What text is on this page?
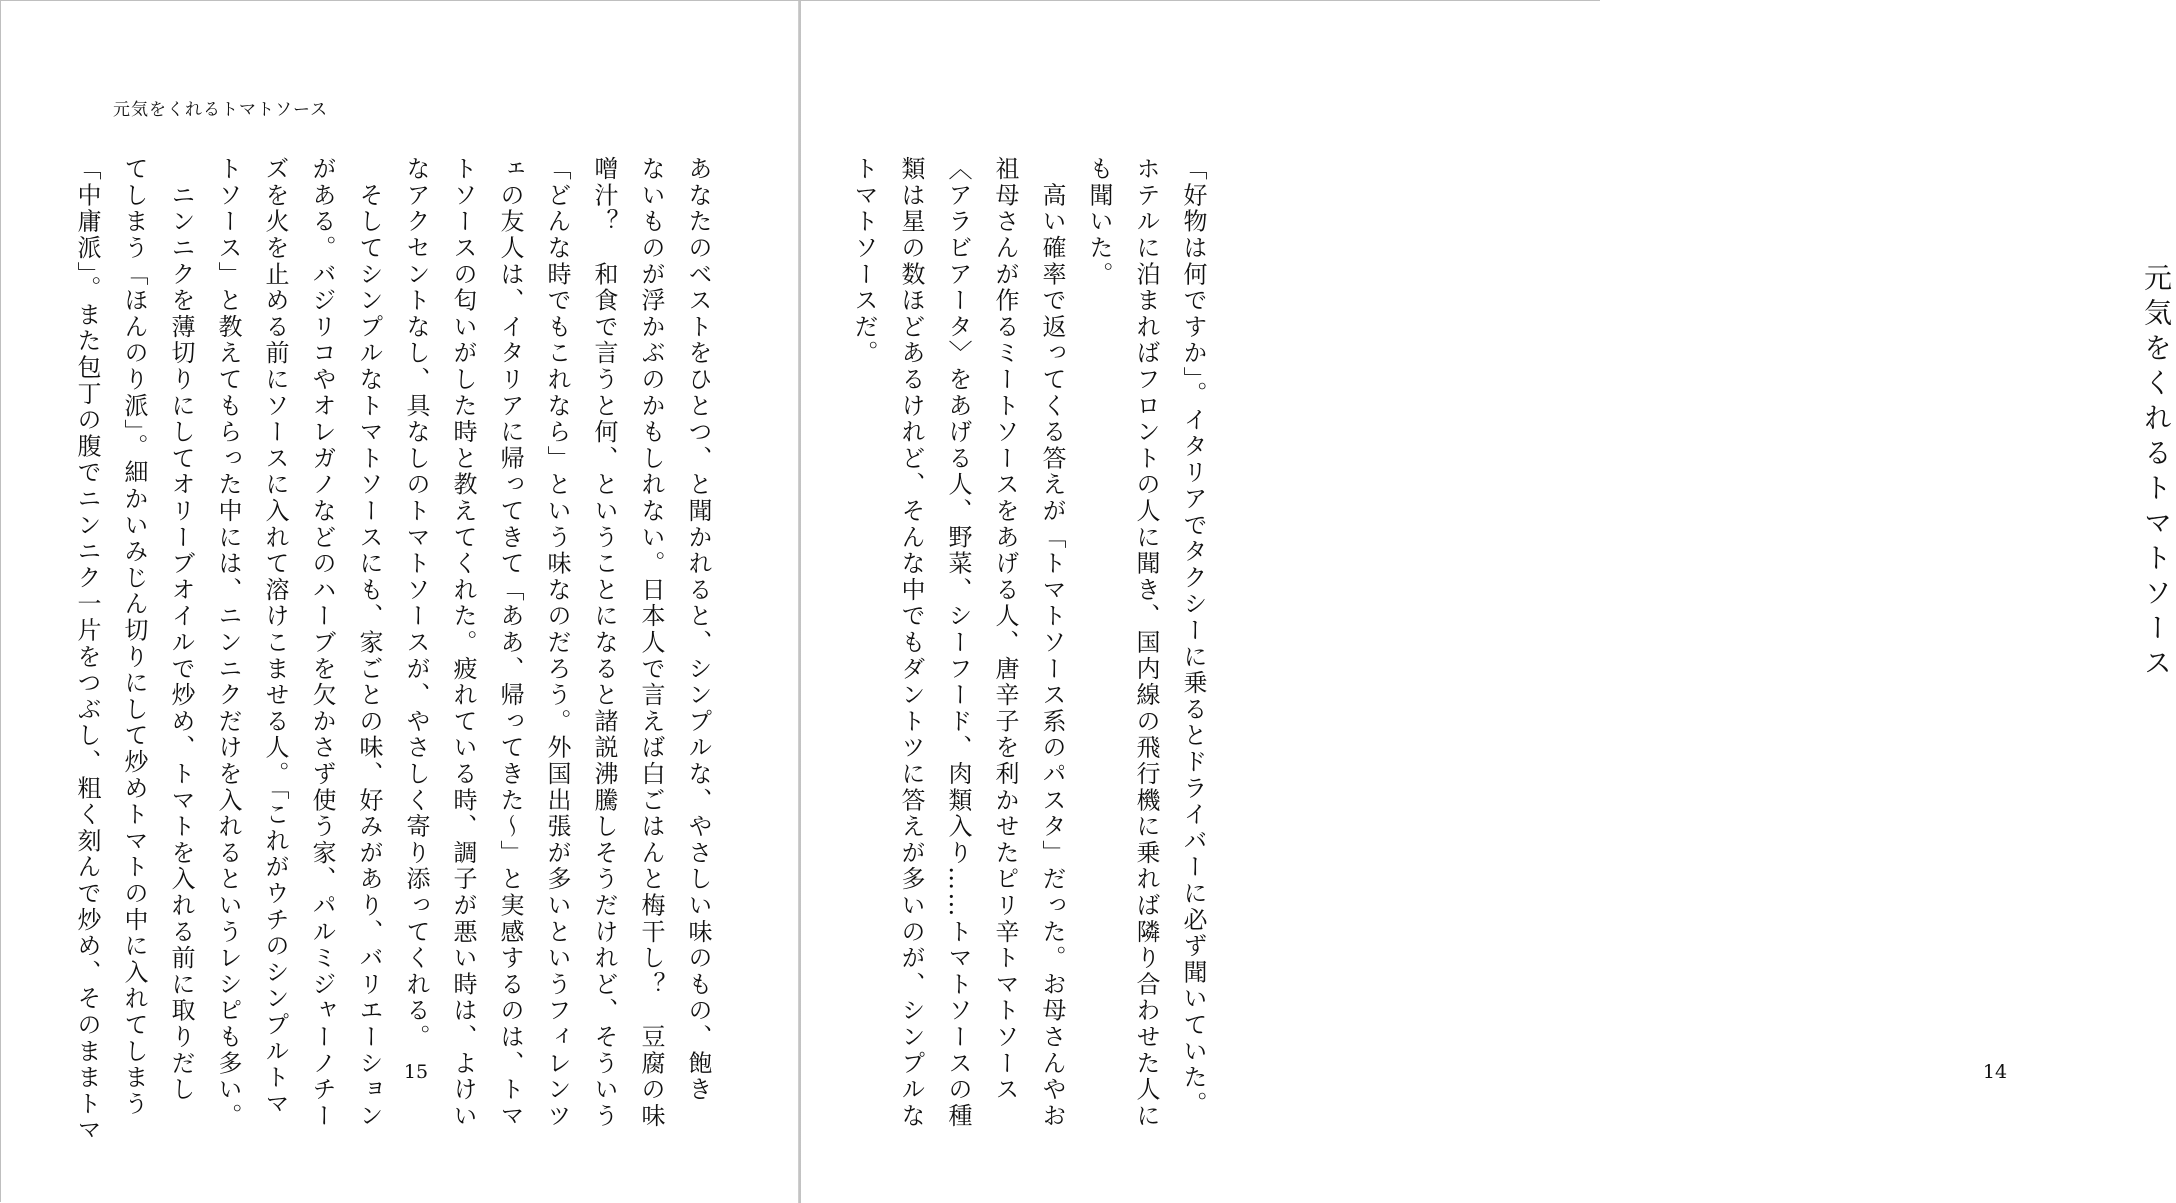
元気をくれるトマトソース
あなたのベストをひとつ、と聞かれると、シンプルな、やさしい味のもの、飽き
ないものが浮かぶのかもしれない。日本人で言えば白ごはんと梅干し？　豆腐の味
噌汁？　和食で言うと何、ということになると諸説沸騰しそうだけれど、そういう
「どんな時でもこれなら」という味なのだろう。外国出張が多いというフィレンツ
ェの友人は、イタリアに帰ってきて「ああ、帰ってきた〜」と実感するのは、トマ
トソースの匂いがした時と教えてくれた。疲れている時、調子が悪い時は、よけい
なアクセントなし、具なしのトマトソースが、やさしく寄り添ってくれる。
　そしてシンプルなトマトソースにも、家ごとの味、好みがあり、バリエーション
がある。バジリコやオレガノなどのハーブを欠かさず使う家、パルミジャーノチー
ズを火を止める前にソースに入れて溶けこませる人。「これがウチのシンプルトマ
トソース」と教えてもらった中には、ニンニクだけを入れるというレシピも多い。
　ニンニクを薄切りにしてオリーブオイルで炒め、トマトを入れる前に取りだし
てしまう「ほんのり派」。細かいみじん切りにして炒めトマトの中に入れてしまう
「中庸派」。また包丁の腹でニンニク一片をつぶし、粗く刻んで炒め、そのままトマ	15
元気をくれるトマトソース
14
「好物は何ですか」。イタリアでタクシーに乗るとドライバーに必ず聞いていた。
ホテルに泊まればフロントの人に聞き、国内線の飛行機に乗れば隣り合わせた人に
も聞いた。
　高い確率で返ってくる答えが「トマトソース系のパスタ」だった。お母さんやお
祖母さんが作るミートソースをあげる人、唐辛子を利かせたピリ辛トマトソース
〈アラビアータ〉をあげる人、野菜、シーフード、肉類入り……トマトソースの種
類は星の数ほどあるけれど、そんな中でもダントツに答えが多いのが、シンプルな
トマトソースだ。
